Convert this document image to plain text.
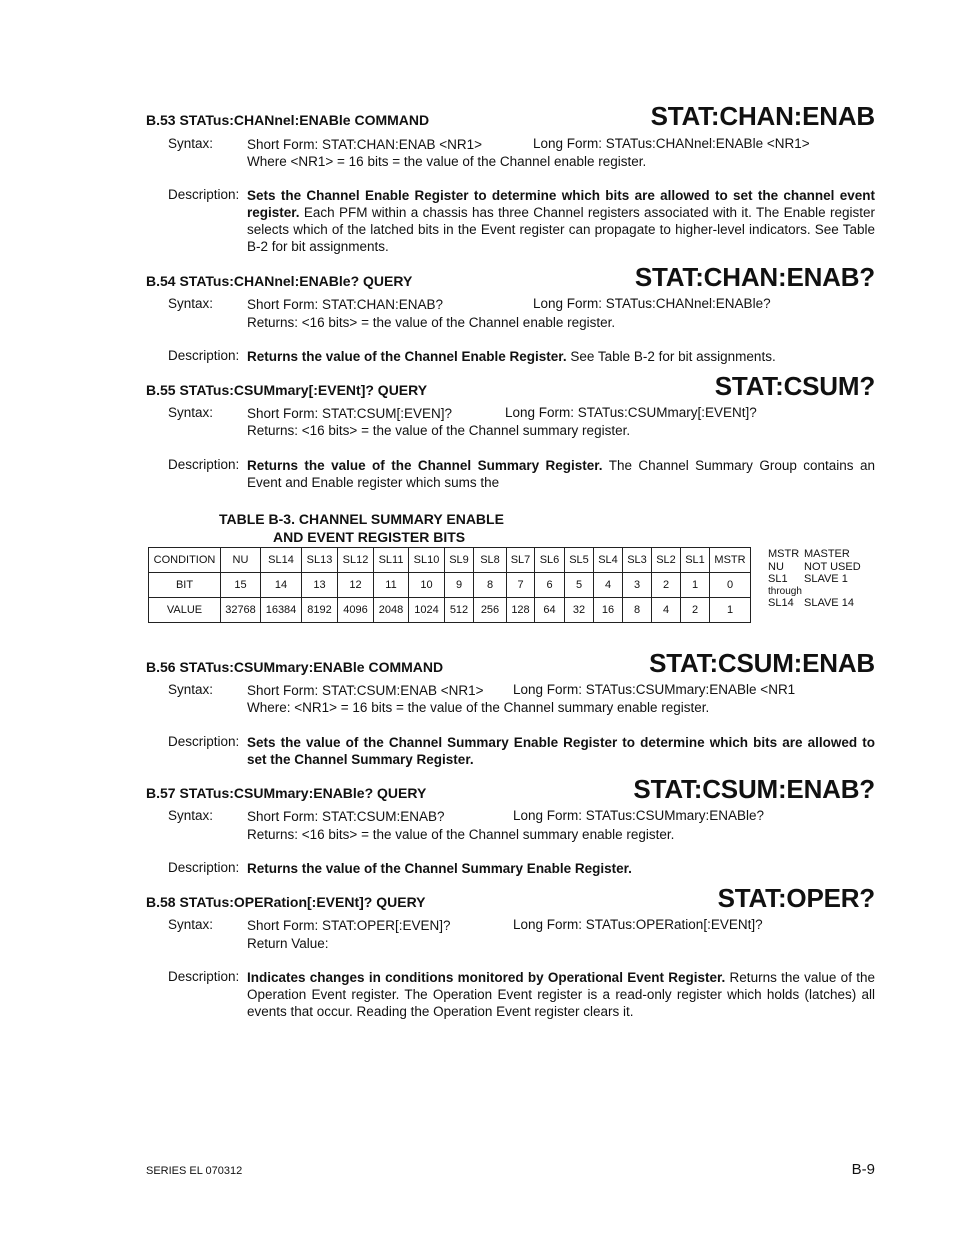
B.53 STATus:CHANnel:ENABle COMMAND	STAT:CHAN:ENAB
Syntax:	Short Form: STAT:CHAN:ENAB <NR1>	Long Form: STATus:CHANnel:ENABle <NR1>
Where <NR1> = 16 bits = the value of the Channel enable register.
Description: Sets the Channel Enable Register to determine which bits are allowed to set the channel event register. Each PFM within a chassis has three Channel registers associated with it. The Enable register selects which of the latched bits in the Event register can propagate to higher-level indicators. See Table B-2 for bit assignments.
B.54 STATus:CHANnel:ENABle? QUERY	STAT:CHAN:ENAB?
Syntax:	Short Form: STAT:CHAN:ENAB?	Long Form: STATus:CHANnel:ENABle?
Returns: <16 bits> = the value of the Channel enable register.
Description: Returns the value of the Channel Enable Register. See Table B-2 for bit assignments.
B.55 STATus:CSUMmary[:EVENt]? QUERY	STAT:CSUM?
Syntax:	Short Form: STAT:CSUM[:EVEN]?	Long Form: STATus:CSUMmary[:EVENt]?
Returns: <16 bits> = the value of the Channel summary register.
Description: Returns the value of the Channel Summary Register. The Channel Summary Group contains an Event and Enable register which sums the
TABLE B-3. CHANNEL SUMMARY ENABLE
AND EVENT REGISTER BITS
CONDITION	NU	SL14	SL13	SL12	SL11	SL10	SL9	SL8	SL7	SL6	SL5	SL4	SL3	SL2	SL1	MSTR
BIT	15	14	13	12	11	10	9	8	7	6	5	4	3	2	1	0
VALUE	32768	16384	8192	4096	2048	1024	512	256	128	64	32	16	8	4	2	1
MSTR MASTER
NU NOT USED
SL1 SLAVE 1
through
SL14 SLAVE 14
B.56 STATus:CSUMmary:ENABle COMMAND	STAT:CSUM:ENAB
Syntax:	Short Form: STAT:CSUM:ENAB <NR1> Long Form: STATus:CSUMmary:ENABle <NR1
Where: <NR1> = 16 bits = the value of the Channel summary enable register.
Description: Sets the value of the Channel Summary Enable Register to determine which bits are allowed to set the Channel Summary Register.
B.57 STATus:CSUMmary:ENABle? QUERY	STAT:CSUM:ENAB?
Syntax:	Short Form: STAT:CSUM:ENAB?	Long Form: STATus:CSUMmary:ENABle?
Returns: <16 bits> = the value of the Channel summary enable register.
Description: Returns the value of the Channel Summary Enable Register.
B.58 STATus:OPERation[:EVENt]? QUERY	STAT:OPER?
Syntax:	Short Form: STAT:OPER[:EVEN]?	Long Form: STATus:OPERation[:EVENt]?
Return Value:
Description: Indicates changes in conditions monitored by Operational Event Register. Returns the value of the Operation Event register. The Operation Event register is a read-only register which holds (latches) all events that occur. Reading the Operation Event register clears it.
SERIES EL 070312	B-9
